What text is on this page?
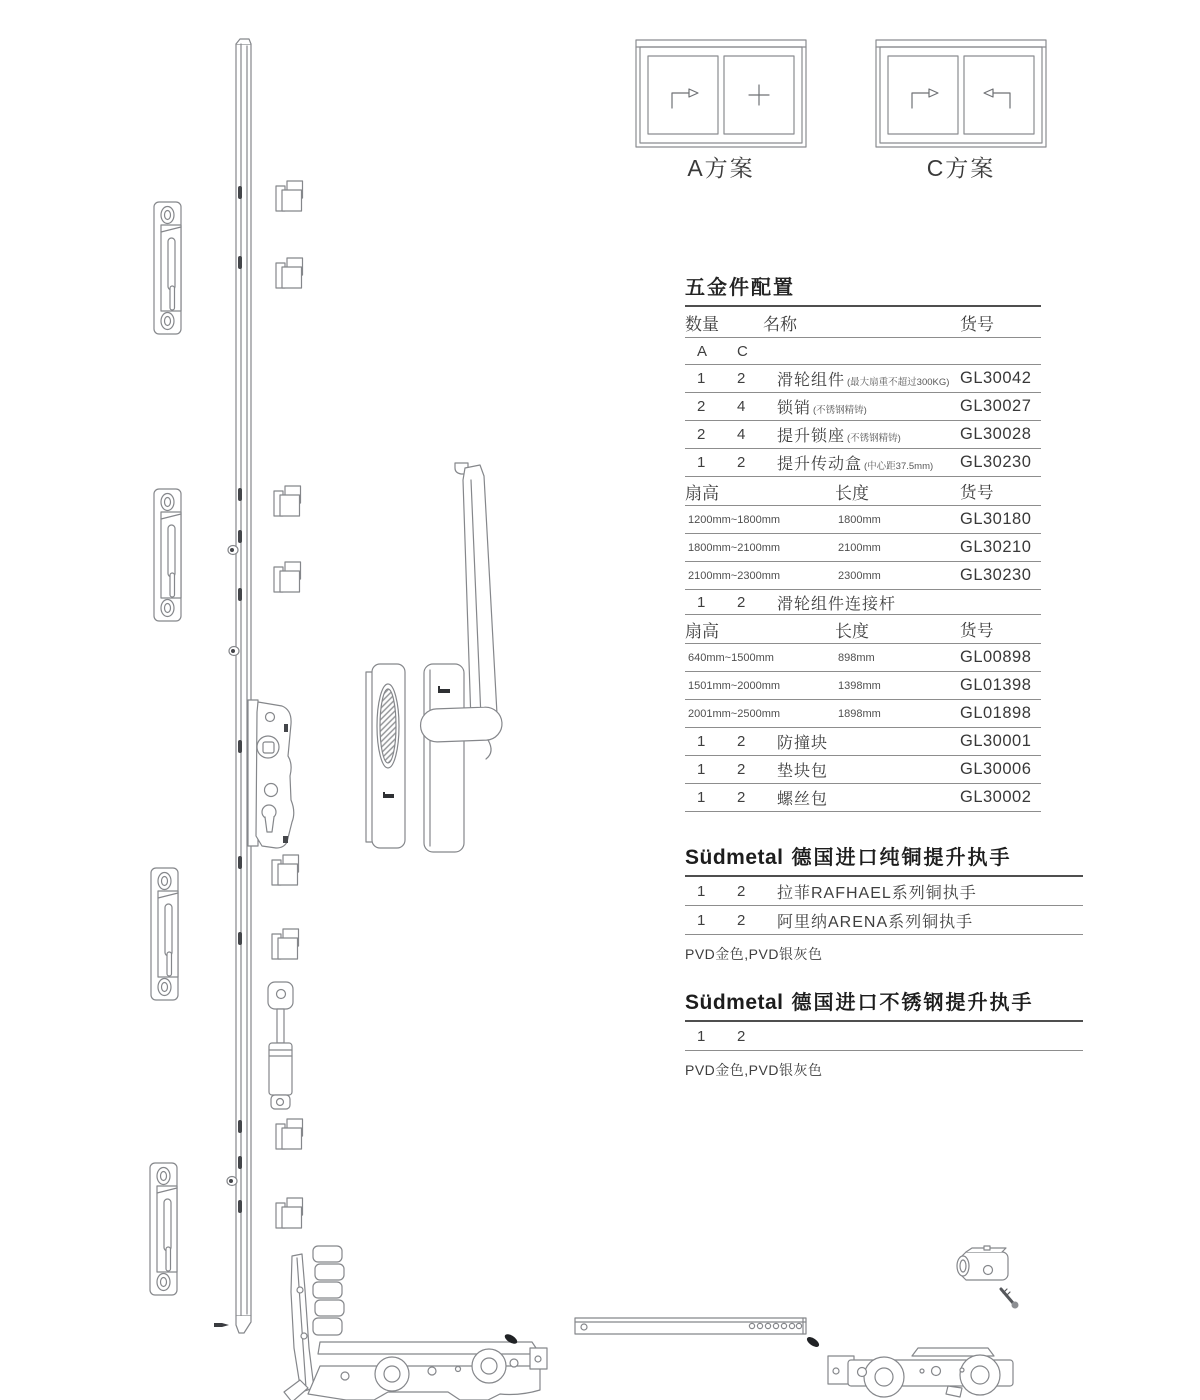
A方案	C方案
五金件配置
数量	名称	货号
A	C
1	2	滑轮组件 (最大扇重不超过300KG) GL30042
2	4	锁销 (不锈钢精铸)	GL30027
2	4	提升锁座 (不锈钢精铸)	GL30028
1	2	提升传动盒 (中心距37.5mm)	GL30230
扇高	长度	货号
1200mm~1800mm	1800mm	GL30180
1800mm~2100mm	2100mm	GL30210
2100mm~2300mm	2300mm	GL30230
1	2	滑轮组件连接杆
扇高	长度	货号
640mm~1500mm	898mm	GL00898
1501mm~2000mm	1398mm	GL01398
2001mm~2500mm	1898mm	GL01898
1	2	防撞块	GL30001
1	2	垫块包	GL30006
1	2	螺丝包	GL30002
Südmetal 德国进口纯铜提升执手
1	2	拉菲RAFHAEL系列铜执手
1	2	阿里纳ARENA系列铜执手
PVD金色,PVD银灰色
Südmetal 德国进口不锈钢提升执手
1	2
PVD金色,PVD银灰色
